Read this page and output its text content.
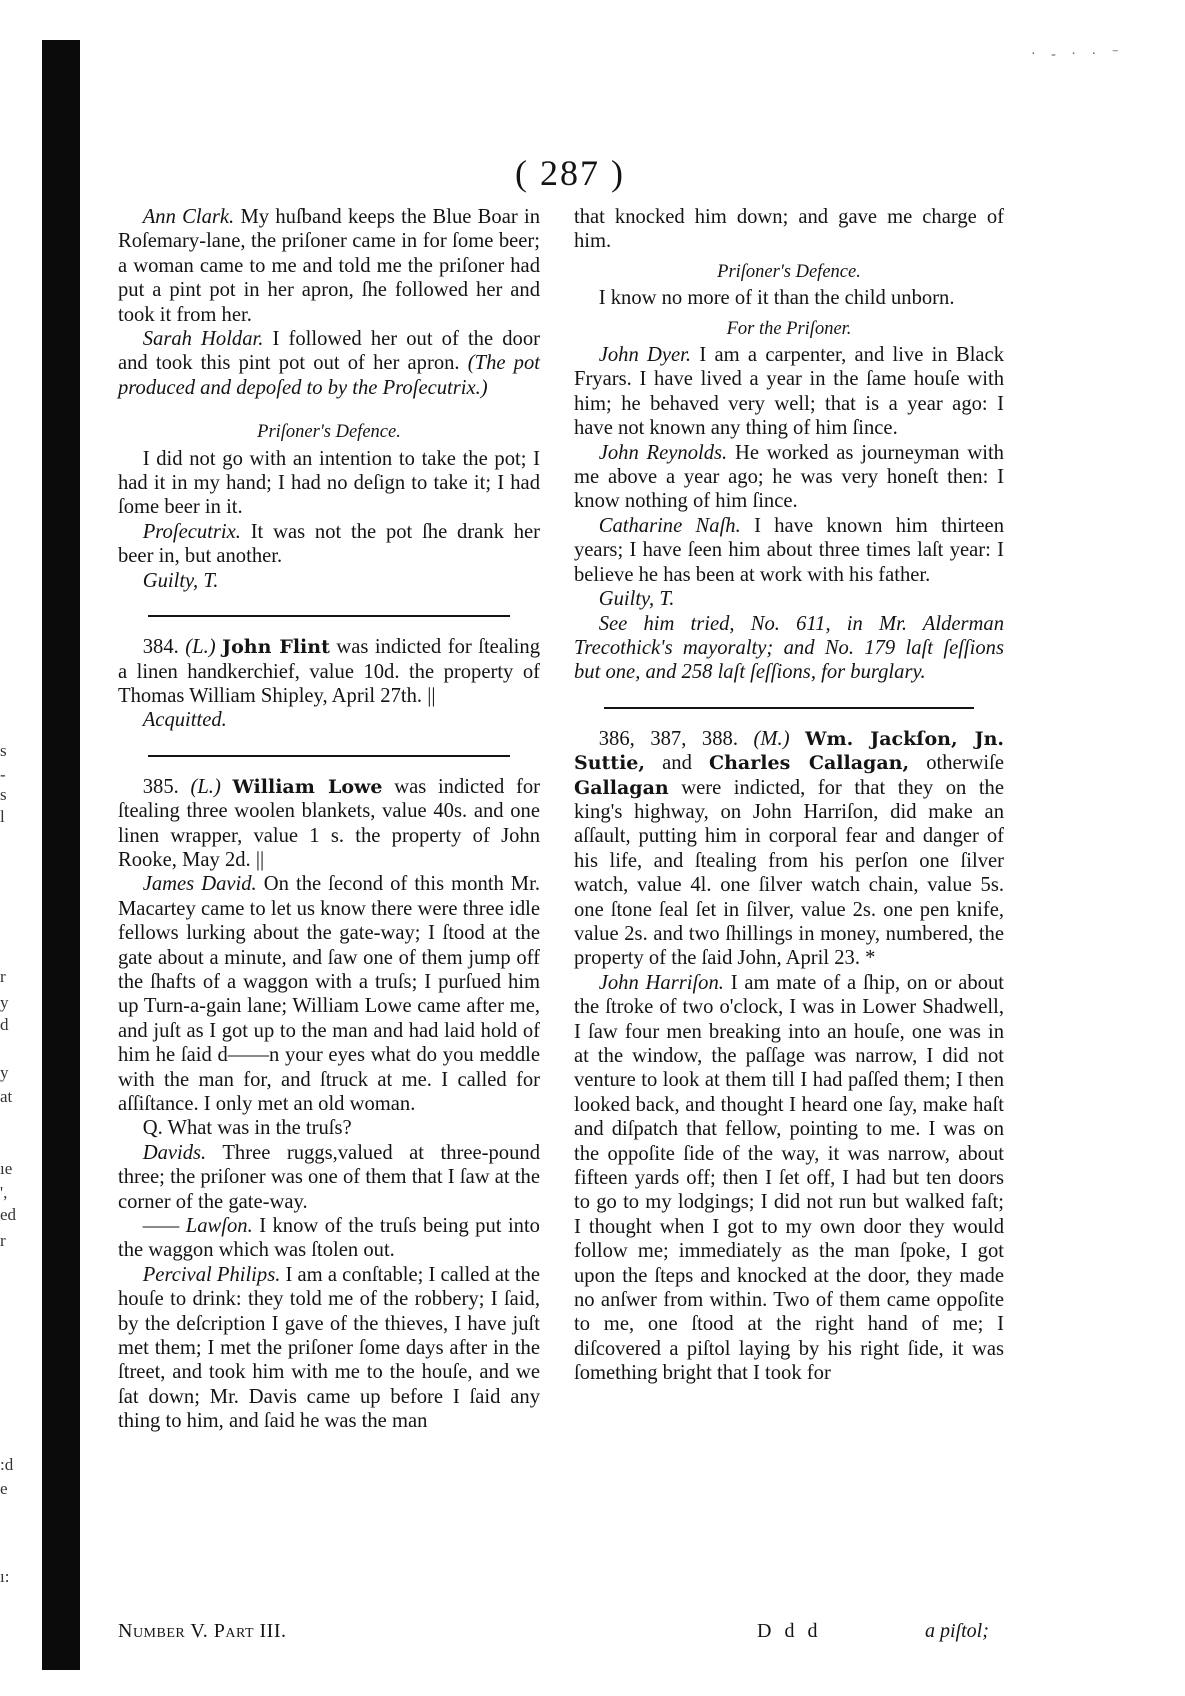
· - · · ⁻
s
-
s
l
r
y
d
y
at
ıe
',
ed
r
:d
e
ı:
( 287 )

Ann Clark. My huſband keeps the Blue Boar in Roſemary-lane, the priſoner came in for ſome beer; a woman came to me and told me the priſoner had put a pint pot in her apron, ſhe followed her and took it from her.

Sarah Holdar. I followed her out of the door and took this pint pot out of her apron. (The pot produced and depoſed to by the Proſecutrix.)

Priſoner's Defence.

I did not go with an intention to take the pot; I had it in my hand; I had no deſign to take it; I had ſome beer in it.

Proſecutrix. It was not the pot ſhe drank her beer in, but another.

Guilty, T.

384. (L.) John Flint was indicted for ſtealing a linen handkerchief, value 10d. the property of Thomas William Shipley, April 27th. ||

Acquitted.

385. (L.) William Lowe was indicted for ſtealing three woolen blankets, value 40s. and one linen wrapper, value 1 s. the property of John Rooke, May 2d. ||

James David. On the ſecond of this month Mr. Macartey came to let us know there were three idle fellows lurking about the gate-way; I ſtood at the gate about a minute, and ſaw one of them jump off the ſhafts of a waggon with a truſs; I purſued him up Turn-a-gain lane; William Lowe came after me, and juſt as I got up to the man and had laid hold of him he ſaid d——n your eyes what do you meddle with the man for, and ſtruck at me. I called for aſſiſtance. I only met an old woman.

Q. What was in the truſs?

Davids. Three ruggs,valued at three-pound three; the priſoner was one of them that I ſaw at the corner of the gate-way.

—— Lawſon. I know of the truſs being put into the waggon which was ſtolen out.

Percival Philips. I am a conſtable; I called at the houſe to drink: they told me of the robbery; I ſaid, by the deſcription I gave of the thieves, I have juſt met them; I met the priſoner ſome days after in the ſtreet, and took him with me to the houſe, and we ſat down; Mr. Davis came up before I ſaid any thing to him, and ſaid he was the man

that knocked him down; and gave me charge of him.

Priſoner's Defence.

I know no more of it than the child unborn.

For the Priſoner.

John Dyer. I am a carpenter, and live in Black Fryars. I have lived a year in the ſame houſe with him; he behaved very well; that is a year ago: I have not known any thing of him ſince.

John Reynolds. He worked as journeyman with me above a year ago; he was very honeſt then: I know nothing of him ſince.

Catharine Naſh. I have known him thirteen years; I have ſeen him about three times laſt year: I believe he has been at work with his father.

Guilty, T.

See him tried, No. 611, in Mr. Alderman Trecothick's mayoralty; and No. 179 laſt ſeſſions but one, and 258 laſt ſeſſions, for burglary.

386, 387, 388. (M.) Wm. Jackſon, Jn. Suttie, and Charles Callagan, otherwiſe Gallagan were indicted, for that they on the king's highway, on John Harriſon, did make an aſſault, putting him in corporal fear and danger of his life, and ſtealing from his perſon one ſilver watch, value 4l. one ſilver watch chain, value 5s. one ſtone ſeal ſet in ſilver, value 2s. one pen knife, value 2s. and two ſhillings in money, numbered, the property of the ſaid John, April 23. *

John Harriſon. I am mate of a ſhip, on or about the ſtroke of two o'clock, I was in Lower Shadwell, I ſaw four men breaking into an houſe, one was in at the window, the paſſage was narrow, I did not venture to look at them till I had paſſed them; I then looked back, and thought I heard one ſay, make haſt and diſpatch that fellow, pointing to me. I was on the oppoſite ſide of the way, it was narrow, about fifteen yards off; then I ſet off, I had but ten doors to go to my lodgings; I did not run but walked faſt; I thought when I got to my own door they would follow me; immediately as the man ſpoke, I got upon the ſteps and knocked at the door, they made no anſwer from within. Two of them came oppoſite to me, one ſtood at the right hand of me; I diſcovered a piſtol laying by his right ſide, it was ſomething bright that I took for

Number V. Part III.	D d d	a piſtol;
